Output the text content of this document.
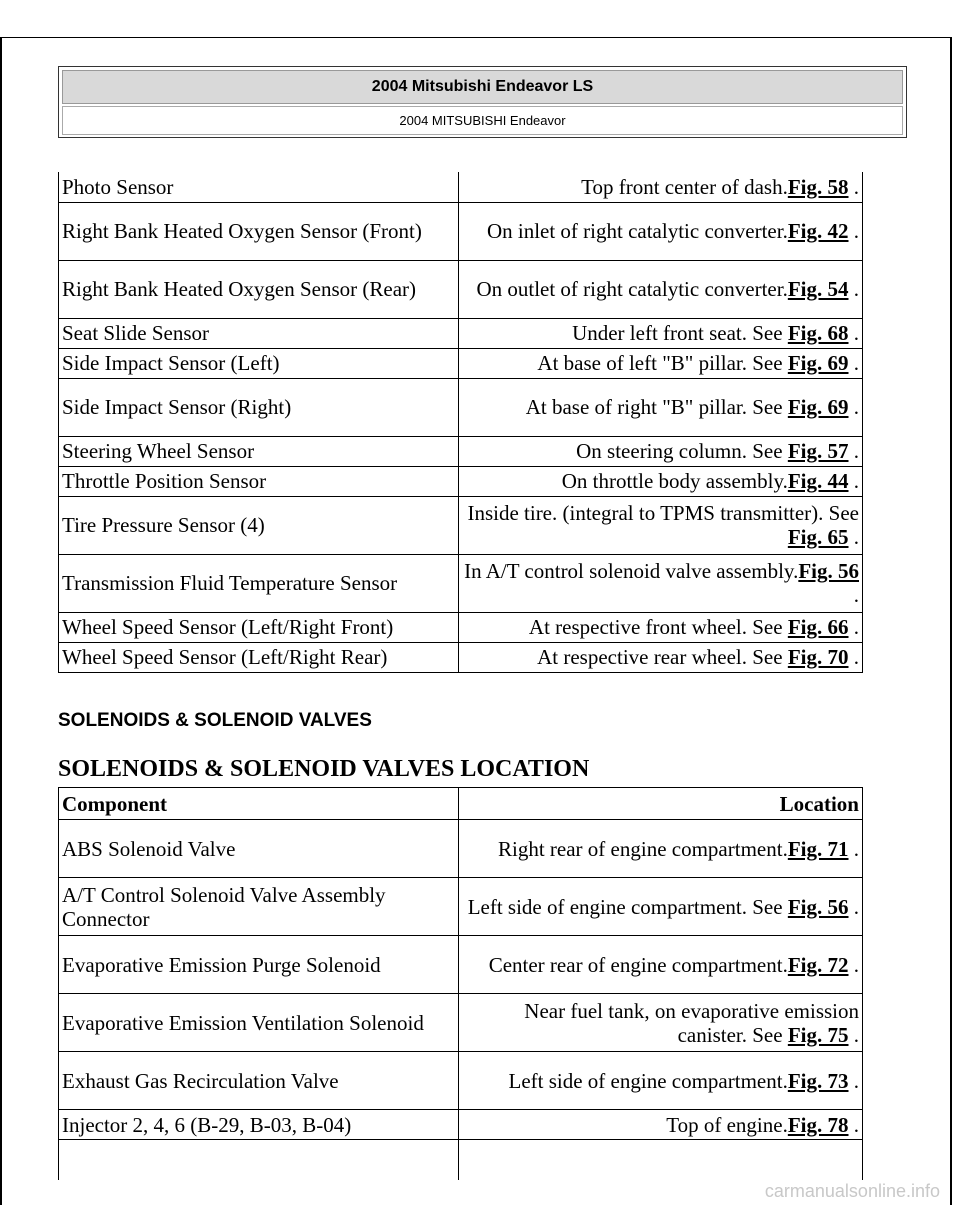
2004 Mitsubishi Endeavor LS
2004 MITSUBISHI Endeavor
Photo Sensor	Top front center of dash.Fig. 58 .
Right Bank Heated Oxygen Sensor (Front)	On inlet of right catalytic converter.Fig. 42 .
Right Bank Heated Oxygen Sensor (Rear)	On outlet of right catalytic converter.Fig. 54 .
Seat Slide Sensor	Under left front seat. See Fig. 68 .
Side Impact Sensor (Left)	At base of left "B" pillar. See Fig. 69 .
Side Impact Sensor (Right)	At base of right "B" pillar. See Fig. 69 .
Steering Wheel Sensor	On steering column. See Fig. 57 .
Throttle Position Sensor	On throttle body assembly.Fig. 44 .
Tire Pressure Sensor (4)	Inside tire. (integral to TPMS transmitter). See Fig. 65 .
Transmission Fluid Temperature Sensor	In A/T control solenoid valve assembly.Fig. 56 .
Wheel Speed Sensor (Left/Right Front)	At respective front wheel. See Fig. 66 .
Wheel Speed Sensor (Left/Right Rear)	At respective rear wheel. See Fig. 70 .
SOLENOIDS & SOLENOID VALVES
SOLENOIDS & SOLENOID VALVES LOCATION
Component	Location
ABS Solenoid Valve	Right rear of engine compartment.Fig. 71 .
A/T Control Solenoid Valve Assembly Connector	Left side of engine compartment. See Fig. 56 .
Evaporative Emission Purge Solenoid	Center rear of engine compartment.Fig. 72 .
Evaporative Emission Ventilation Solenoid	Near fuel tank, on evaporative emission canister. See Fig. 75 .
Exhaust Gas Recirculation Valve	Left side of engine compartment.Fig. 73 .
Injector 2, 4, 6 (B-29, B-03, B-04)	Top of engine.Fig. 78 .

carmanualsonline.info
